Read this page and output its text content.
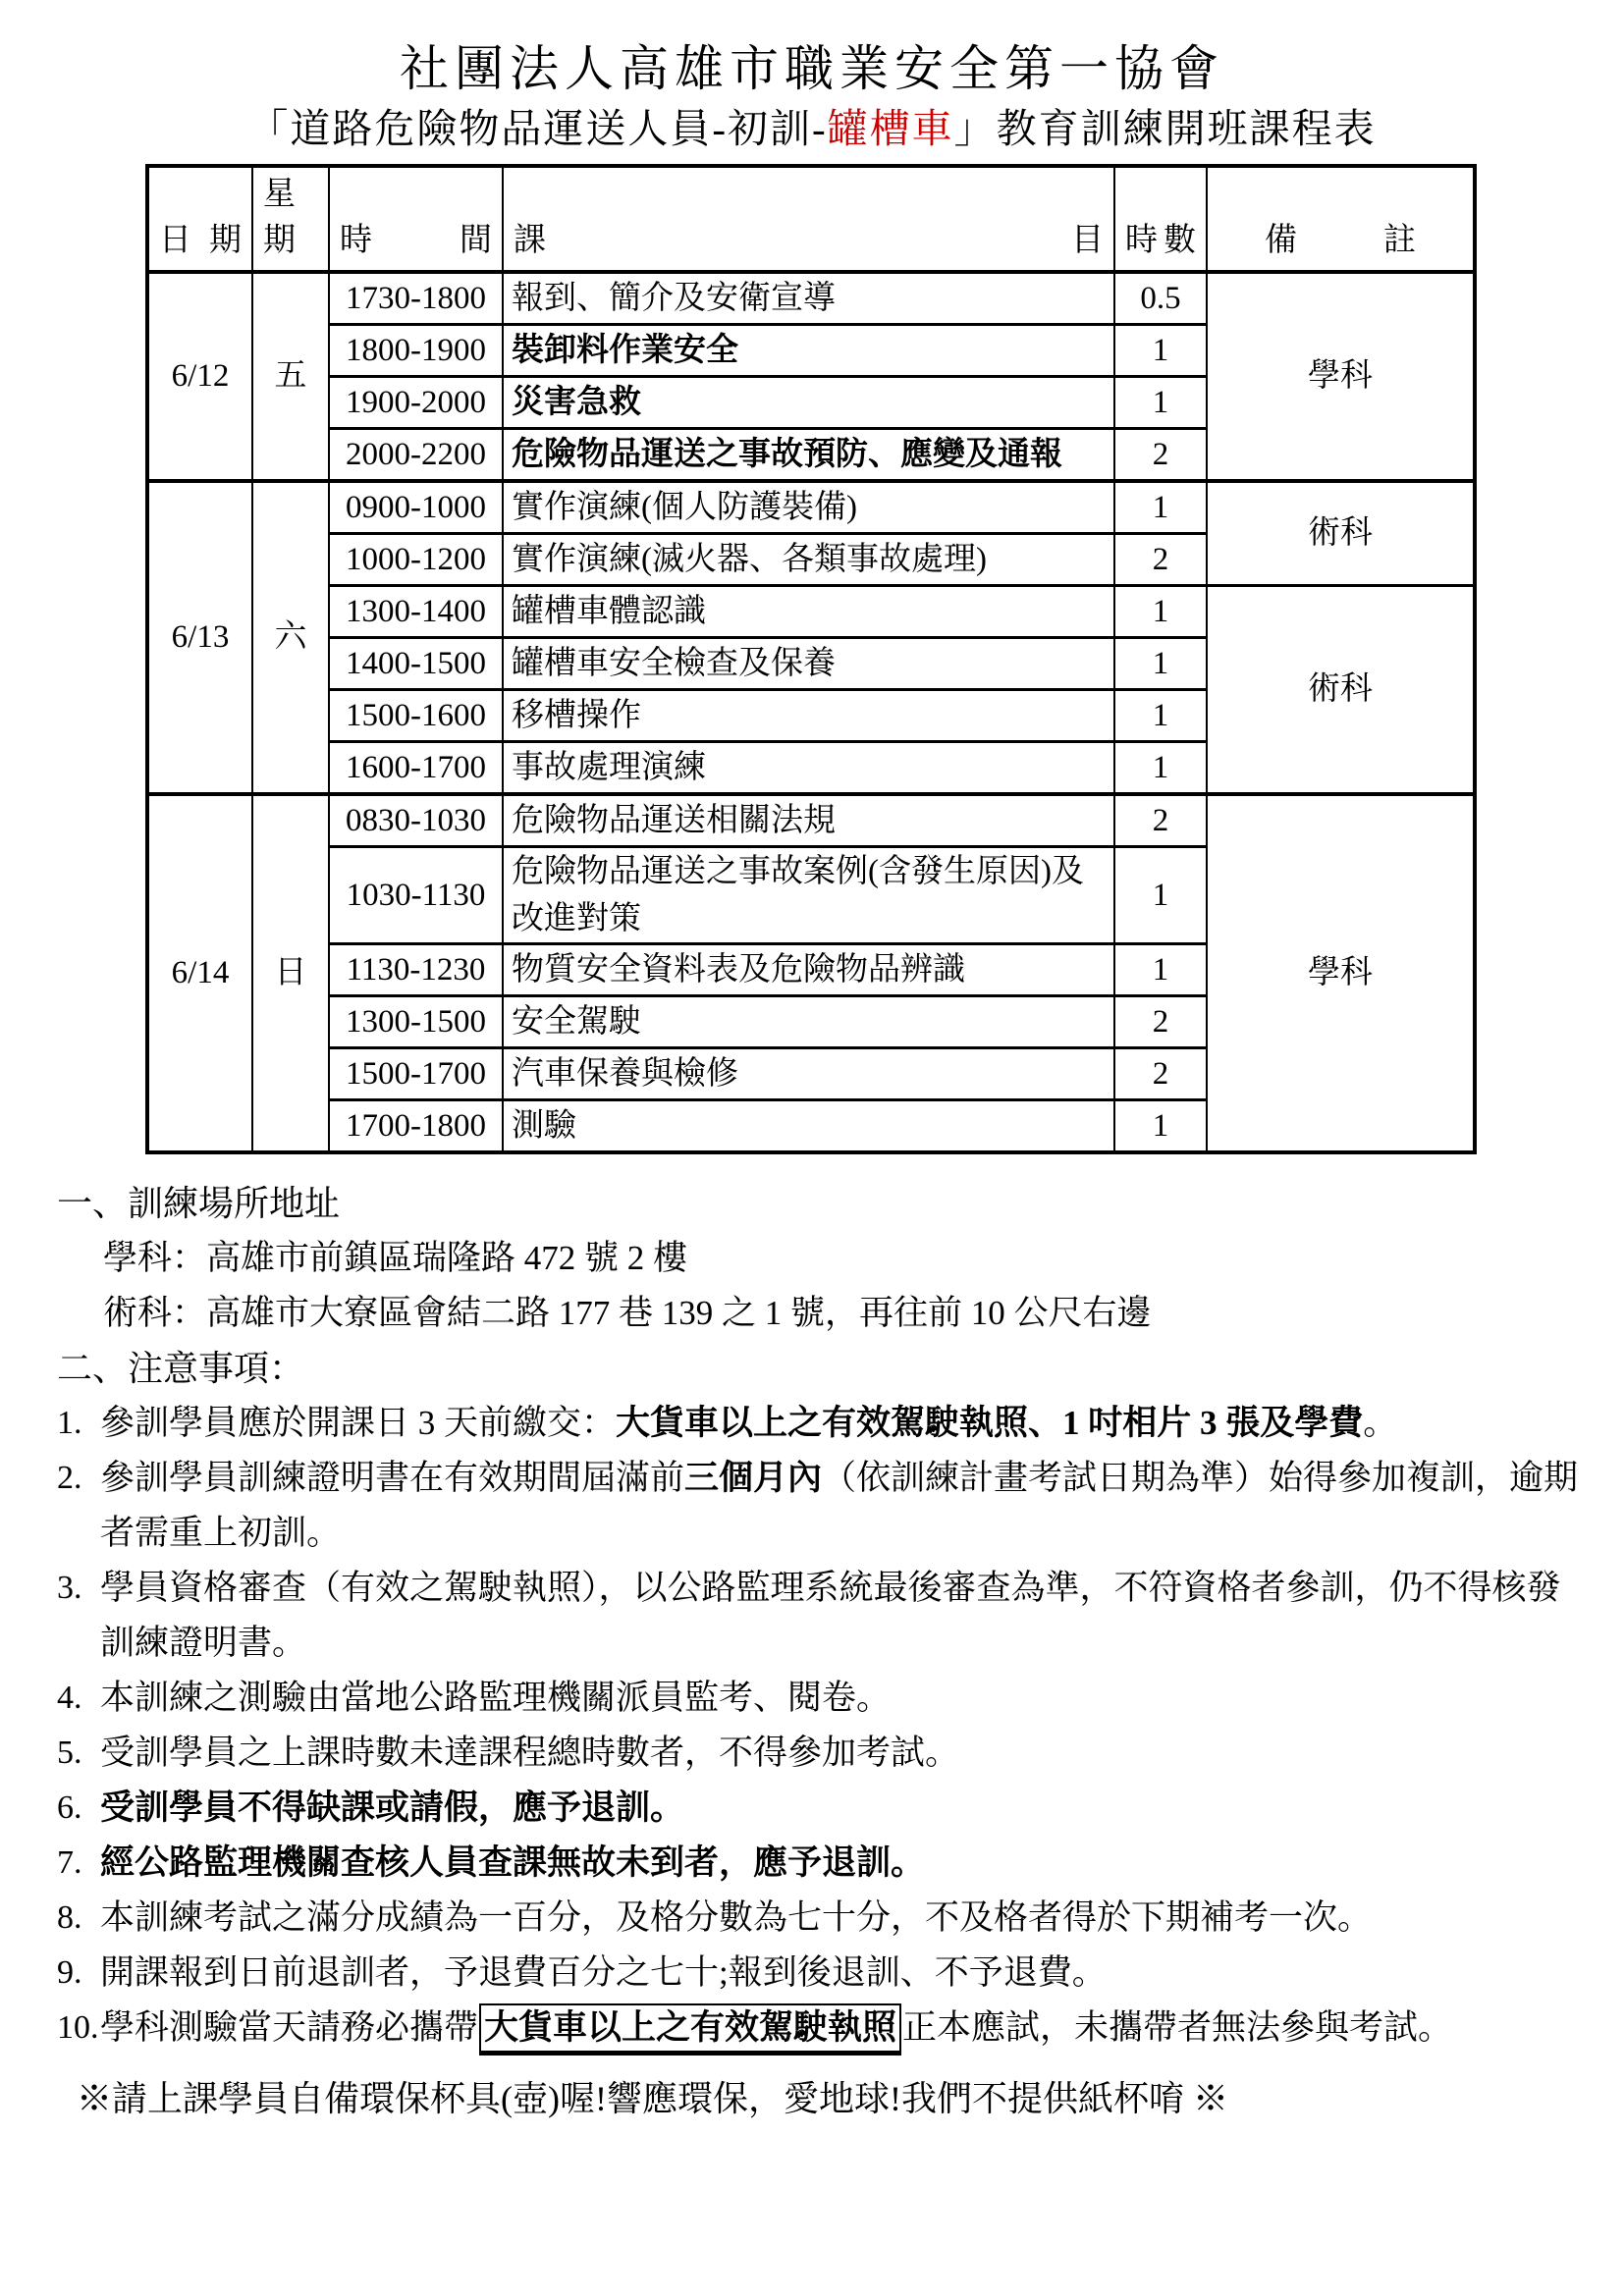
社團法人高雄市職業安全第一協會
「道路危險物品運送人員-初訓-罐槽車」教育訓練開班課程表
日期	星期	時間	課目	時數	備註
6/12	五	1730-1800	報到、簡介及安衛宣導	0.5	學科
		1800-1900	裝卸料作業安全	1	
		1900-2000	災害急救	1	
		2000-2200	危險物品運送之事故預防、應變及通報	2	
6/13	六	0900-1000	實作演練(個人防護裝備)	1	術科
		1000-1200	實作演練(滅火器、各類事故處理)	2	
		1300-1400	罐槽車體認識	1	術科
		1400-1500	罐槽車安全檢查及保養	1	
		1500-1600	移槽操作	1	
		1600-1700	事故處理演練	1	
6/14	日	0830-1030	危險物品運送相關法規	2	學科
		1030-1130	危險物品運送之事故案例(含發生原因)及改進對策	1	
		1130-1230	物質安全資料表及危險物品辨識	1	
		1300-1500	安全駕駛	2	
		1500-1700	汽車保養與檢修	2	
		1700-1800	測驗	1	
一、訓練場所地址
學科：高雄市前鎮區瑞隆路 472 號 2 樓
術科：高雄市大寮區會結二路 177 巷 139 之 1 號，再往前 10 公尺右邊
二、注意事項：
1. 參訓學員應於開課日 3 天前繳交：大貨車以上之有效駕駛執照、1 吋相片 3 張及學費。
2. 參訓學員訓練證明書在有效期間屆滿前三個月內（依訓練計畫考試日期為準）始得參加複訓，逾期者需重上初訓。
3. 學員資格審查（有效之駕駛執照），以公路監理系統最後審查為準，不符資格者參訓，仍不得核發訓練證明書。
4. 本訓練之測驗由當地公路監理機關派員監考、閱卷。
5. 受訓學員之上課時數未達課程總時數者，不得參加考試。
6. 受訓學員不得缺課或請假，應予退訓。
7. 經公路監理機關查核人員查課無故未到者，應予退訓。
8. 本訓練考試之滿分成績為一百分，及格分數為七十分，不及格者得於下期補考一次。
9. 開課報到日前退訓者，予退費百分之七十;報到後退訓、不予退費。
10. 學科測驗當天請務必攜帶 大貨車以上之有效駕駛執照 正本應試，未攜帶者無法參與考試。
※請上課學員自備環保杯具(壺)喔!響應環保，愛地球!我們不提供紙杯唷 ※
